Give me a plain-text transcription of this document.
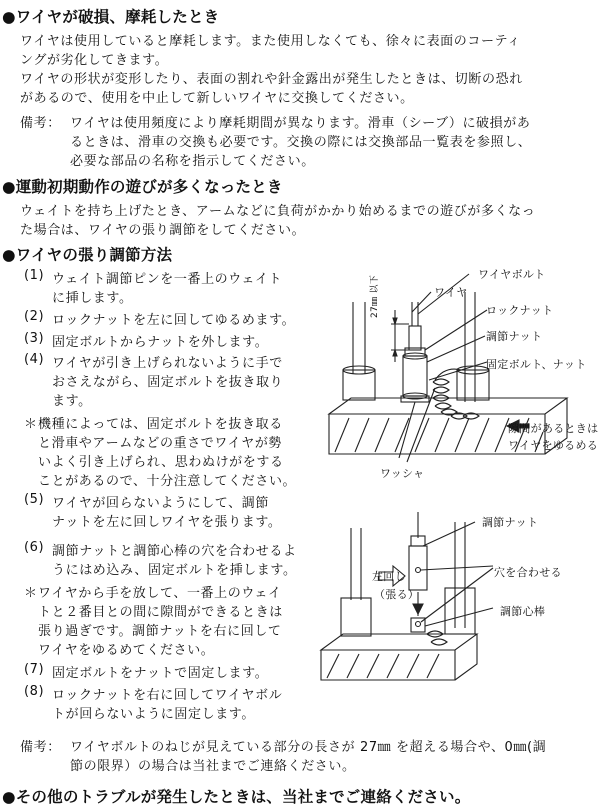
●ワイヤが破損、摩耗したとき
ワイヤは使用していると摩耗します。また使用しなくても、徐々に表面のコーティ
ングが劣化してきます。
ワイヤの形状が変形したり、表面の割れや針金露出が発生したときは、切断の恐れ
があるので、使用を中止して新しいワイヤに交換してください。
備考： ワイヤは使用頻度により摩耗期間が異なります。滑車（シーブ）に破損があ
るときは、滑車の交換も必要です。交換の際には交換部品一覧表を参照し、
必要な部品の名称を指示してください。
●運動初期動作の遊びが多くなったとき
ウェイトを持ち上げたとき、アームなどに負荷がかかり始めるまでの遊びが多くなっ
た場合は、ワイヤの張り調節をしてください。
●ワイヤの張り調節方法
(1) ウェイト調節ピンを一番上のウェイト
に挿します。
(2) ロックナットを左に回してゆるめます。
(3) 固定ボルトからナットを外します。
(4) ワイヤが引き上げられないように手で
おさえながら、固定ボルトを抜き取り
ます。
＊ 機種によっては、固定ボルトを抜き取る
と滑車やアームなどの重さでワイヤが勢
いよく引き上げられ、思わぬけがをする
ことがあるので、十分注意してください。
(5) ワイヤが回らないようにして、調節
ナットを左に回しワイヤを張ります。
(6) 調節ナットと調節心棒の穴を合わせるよ
うにはめ込み、固定ボルトを挿します。
＊ ワイヤから手を放して、一番上のウェイ
トと２番目との間に隙間ができるときは
張り過ぎです。調節ナットを右に回して
ワイヤをゆるめてください。
(7) 固定ボルトをナットで固定します。
(8) ロックナットを右に回してワイヤボル
トが回らないように固定します。
備考： ワイヤボルトのねじが見えている部分の長さが 27㎜ を超える場合や、0㎜(調
節の限界）の場合は当社までご連絡ください。
●その他のトラブルが発生したときは、当社までご連絡ください。
ワイヤボルト
ワイヤ
ロックナット
調節ナット
固定ボルト、ナット
隙間があるときは
ワイヤをゆるめる
ワッシャ
27㎜ 以下
調節ナット
穴を合わせる
左回し
（張る）
調節心棒
